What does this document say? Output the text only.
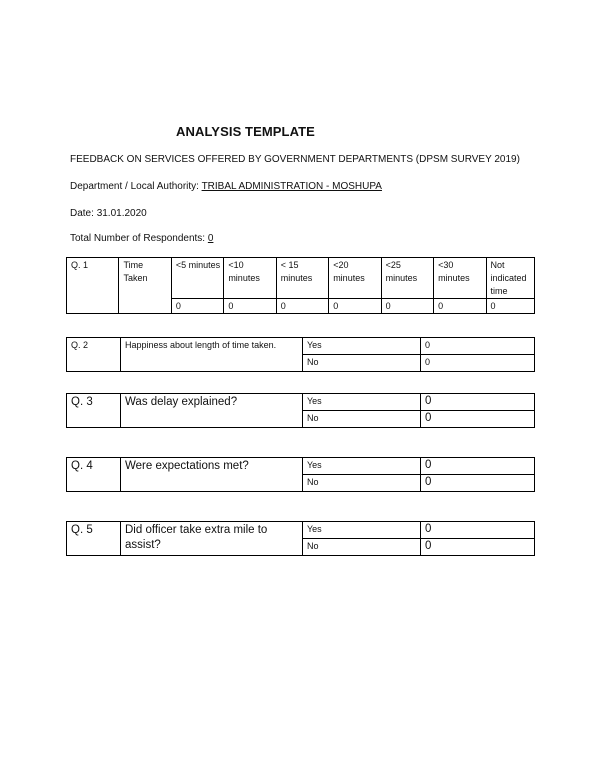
ANALYSIS TEMPLATE
FEEDBACK ON SERVICES OFFERED BY GOVERNMENT DEPARTMENTS (DPSM SURVEY 2019)
Department / Local Authority: TRIBAL ADMINISTRATION - MOSHUPA
Date: 31.01.2020
Total Number of Respondents: 0
Q. 1	Time Taken	<5 minutes	<10 minutes	< 15 minutes	<20 minutes	<25 minutes	<30 minutes	Not indicated time
		0	0	0	0	0	0	0
Q. 2	Happiness about length of time taken.	Yes	0
		No	0
Q. 3	Was delay explained?	Yes	0
		No	0
Q. 4	Were expectations met?	Yes	0
		No	0
Q. 5	Did officer take extra mile to assist?	Yes	0
		No	0
